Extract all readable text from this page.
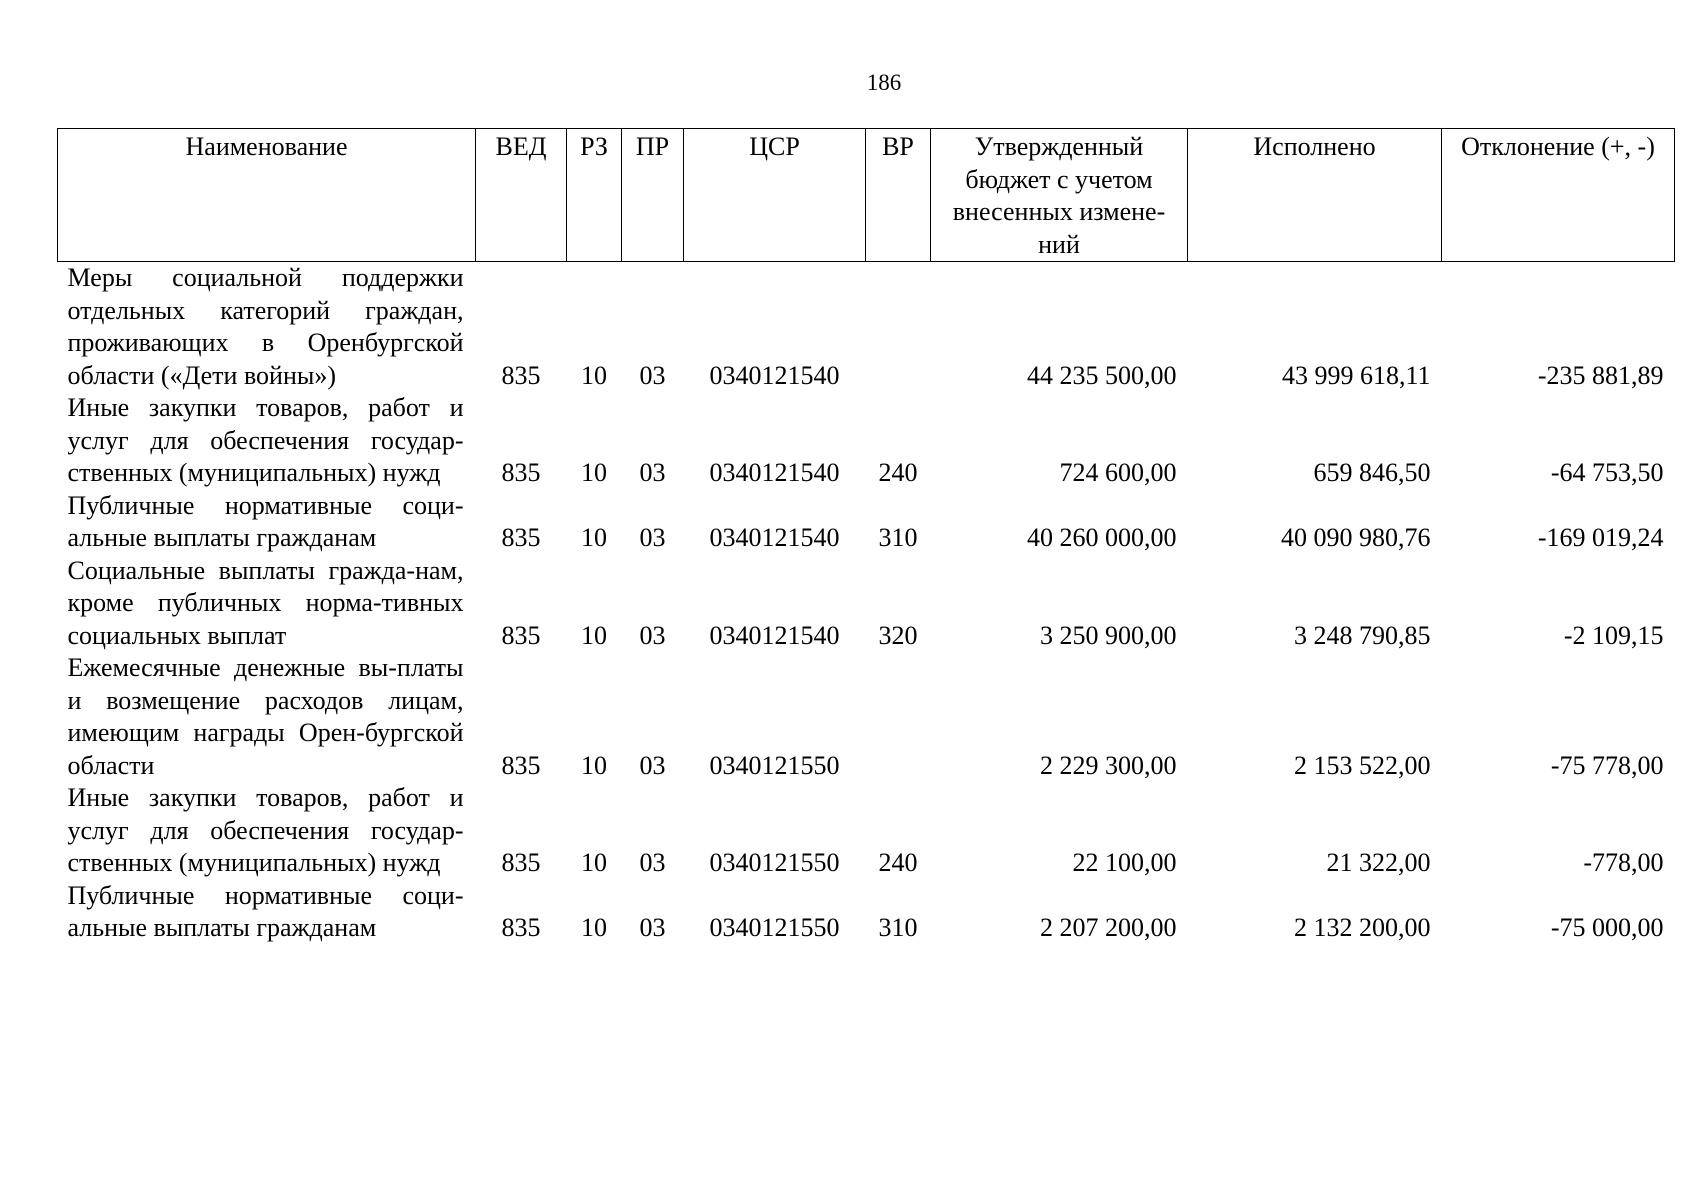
186
Наименование	ВЕД	РЗ	ПР	ЦСР	ВР	Утвержденный бюджет с учетом внесенных измене-ний	Исполнено	Отклонение (+, -)
Меры социальной поддержки отдельных категорий граждан, проживающих в Оренбургской области («Дети войны»)	835	10	03	0340121540		44 235 500,00	43 999 618,11	-235 881,89
Иные закупки товаров, работ и услуг для обеспечения государ-ственных (муниципальных) нужд	835	10	03	0340121540	240	724 600,00	659 846,50	-64 753,50
Публичные нормативные соци-альные выплаты гражданам	835	10	03	0340121540	310	40 260 000,00	40 090 980,76	-169 019,24
Социальные выплаты гражда-нам, кроме публичных норма-тивных социальных выплат	835	10	03	0340121540	320	3 250 900,00	3 248 790,85	-2 109,15
Ежемесячные денежные вы-платы и возмещение расходов лицам, имеющим награды Орен-бургской области	835	10	03	0340121550		2 229 300,00	2 153 522,00	-75 778,00
Иные закупки товаров, работ и услуг для обеспечения государ-ственных (муниципальных) нужд	835	10	03	0340121550	240	22 100,00	21 322,00	-778,00
Публичные нормативные соци-альные выплаты гражданам	835	10	03	0340121550	310	2 207 200,00	2 132 200,00	-75 000,00
